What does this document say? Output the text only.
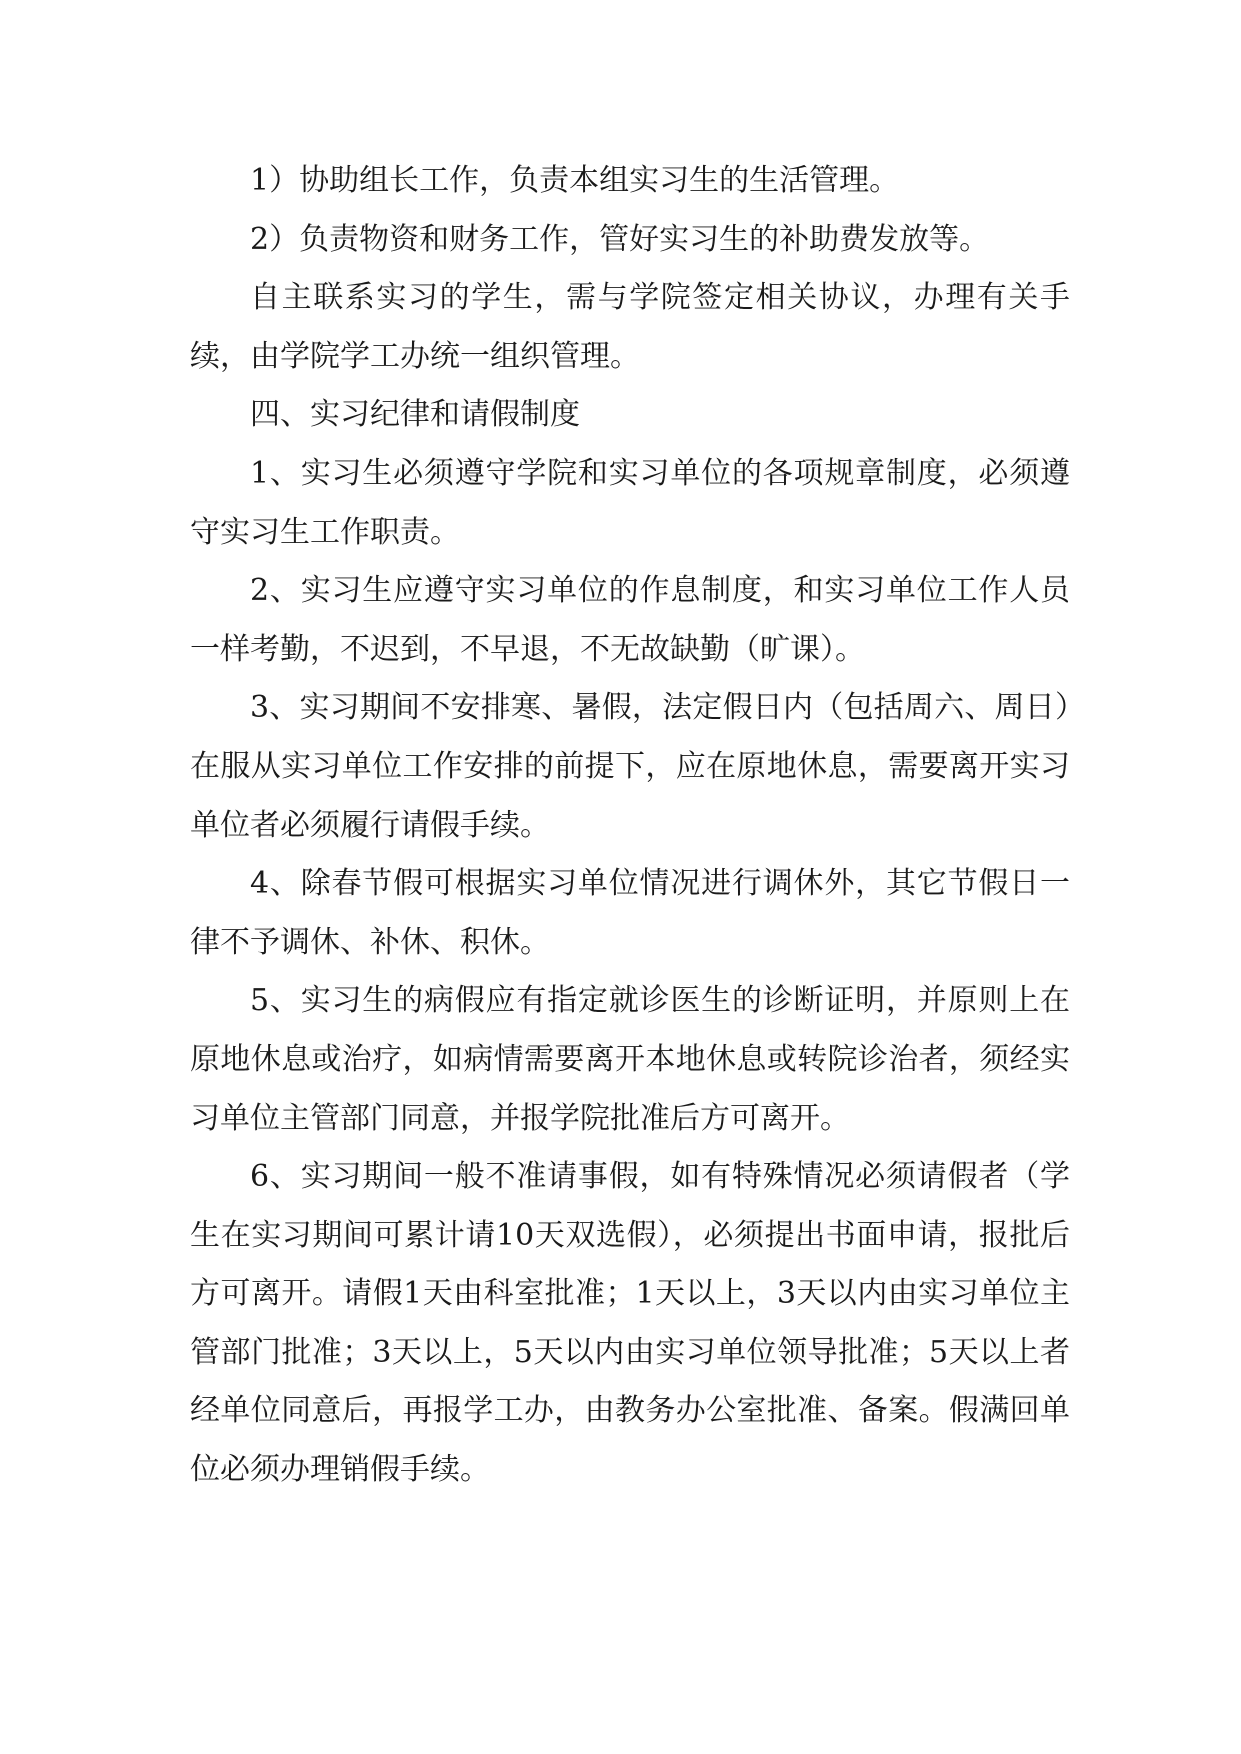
1）协助组长工作，负责本组实习生的生活管理。

2）负责物资和财务工作，管好实习生的补助费发放等。

自主联系实习的学生，需与学院签定相关协议，办理有关手续，由学院学工办统一组织管理。

四、实习纪律和请假制度

1、实习生必须遵守学院和实习单位的各项规章制度，必须遵守实习生工作职责。

2、实习生应遵守实习单位的作息制度，和实习单位工作人员一样考勤，不迟到，不早退，不无故缺勤（旷课）。

3、实习期间不安排寒、暑假，法定假日内（包括周六、周日）在服从实习单位工作安排的前提下，应在原地休息，需要离开实习单位者必须履行请假手续。

4、除春节假可根据实习单位情况进行调休外，其它节假日一律不予调休、补休、积休。

5、实习生的病假应有指定就诊医生的诊断证明，并原则上在原地休息或治疗，如病情需要离开本地休息或转院诊治者，须经实习单位主管部门同意，并报学院批准后方可离开。

6、实习期间一般不准请事假，如有特殊情况必须请假者（学生在实习期间可累计请10天双选假），必须提出书面申请，报批后方可离开。请假1天由科室批准；1天以上，3天以内由实习单位主管部门批准；3天以上，5天以内由实习单位领导批准；5天以上者经单位同意后，再报学工办，由教务办公室批准、备案。假满回单位必须办理销假手续。
